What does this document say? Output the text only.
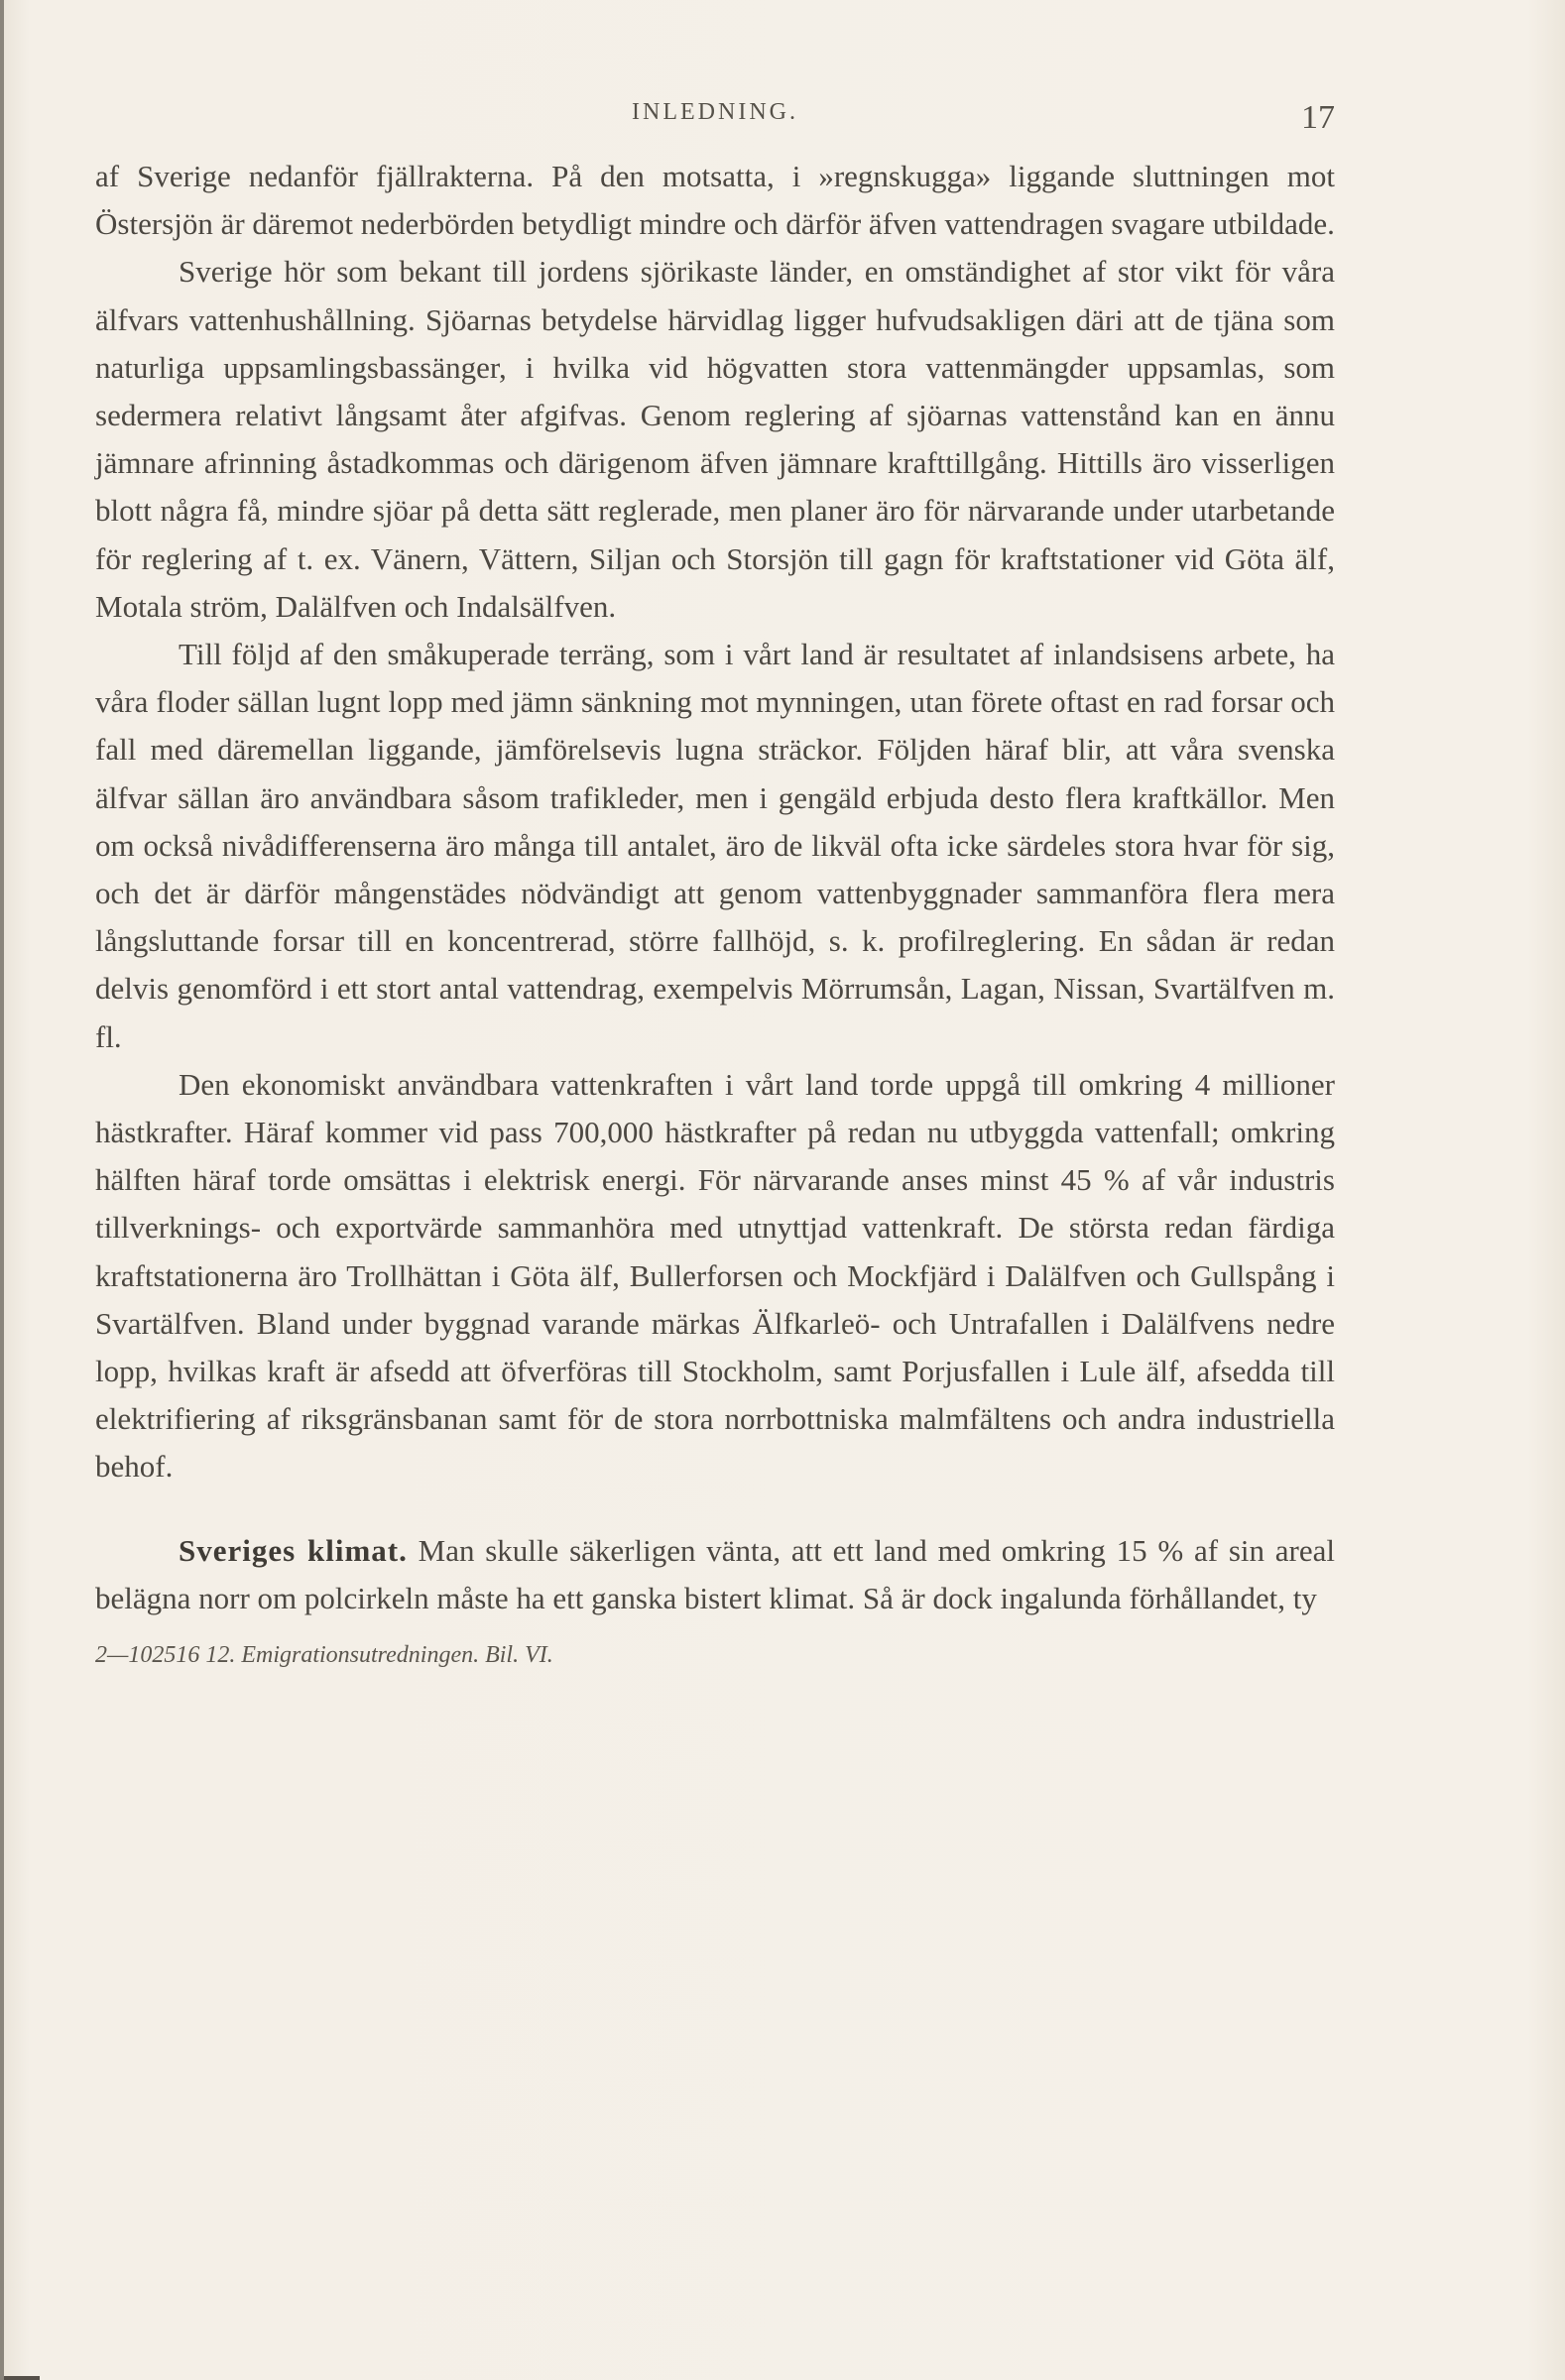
INLEDNING.	17

af Sverige nedanför fjällrakterna. På den motsatta, i »regnskugga» liggande sluttningen mot Östersjön är däremot nederbörden betydligt mindre och därför äfven vattendragen svagare utbildade.

Sverige hör som bekant till jordens sjörikaste länder, en omständighet af stor vikt för våra älfvars vattenhushållning. Sjöarnas betydelse härvidlag ligger hufvudsakligen däri att de tjäna som naturliga uppsamlingsbassänger, i hvilka vid högvatten stora vattenmängder uppsamlas, som sedermera relativt långsamt åter afgifvas. Genom reglering af sjöarnas vattenstånd kan en ännu jämnare afrinning åstadkommas och därigenom äfven jämnare krafttillgång. Hittills äro visserligen blott några få, mindre sjöar på detta sätt reglerade, men planer äro för närvarande under utarbetande för reglering af t. ex. Vänern, Vättern, Siljan och Storsjön till gagn för kraftstationer vid Göta älf, Motala ström, Dalälfven och Indalsälfven.

Till följd af den småkuperade terräng, som i vårt land är resultatet af inlandsisens arbete, ha våra floder sällan lugnt lopp med jämn sänkning mot mynningen, utan förete oftast en rad forsar och fall med däremellan liggande, jämförelsevis lugna sträckor. Följden häraf blir, att våra svenska älfvar sällan äro användbara såsom trafikleder, men i gengäld erbjuda desto flera kraftkällor. Men om också nivådifferenserna äro många till antalet, äro de likväl ofta icke särdeles stora hvar för sig, och det är därför mångenstädes nödvändigt att genom vattenbyggnader sammanföra flera mera långsluttande forsar till en koncentrerad, större fallhöjd, s. k. profilreglering. En sådan är redan delvis genomförd i ett stort antal vattendrag, exempelvis Mörrumsån, Lagan, Nissan, Svartälfven m. fl.

Den ekonomiskt användbara vattenkraften i vårt land torde uppgå till omkring 4 millioner hästkrafter. Häraf kommer vid pass 700,000 hästkrafter på redan nu utbyggda vattenfall; omkring hälften häraf torde omsättas i elektrisk energi. För närvarande anses minst 45 % af vår industris tillverknings- och exportvärde sammanhöra med utnyttjad vattenkraft. De största redan färdiga kraftstationerna äro Trollhättan i Göta älf, Bullerforsen och Mockfjärd i Dalälfven och Gullspång i Svartälfven. Bland under byggnad varande märkas Älfkarleö- och Untrafallen i Dalälfvens nedre lopp, hvilkas kraft är afsedd att öfverföras till Stockholm, samt Porjusfallen i Lule älf, afsedda till elektrifiering af riksgränsbanan samt för de stora norrbottniska malmfältens och andra industriella behof.

Sveriges klimat. Man skulle säkerligen vänta, att ett land med omkring 15 % af sin areal belägna norr om polcirkeln måste ha ett ganska bistert klimat. Så är dock ingalunda förhållandet, ty

2—102516 12. Emigrationsutredningen. Bil. VI.
